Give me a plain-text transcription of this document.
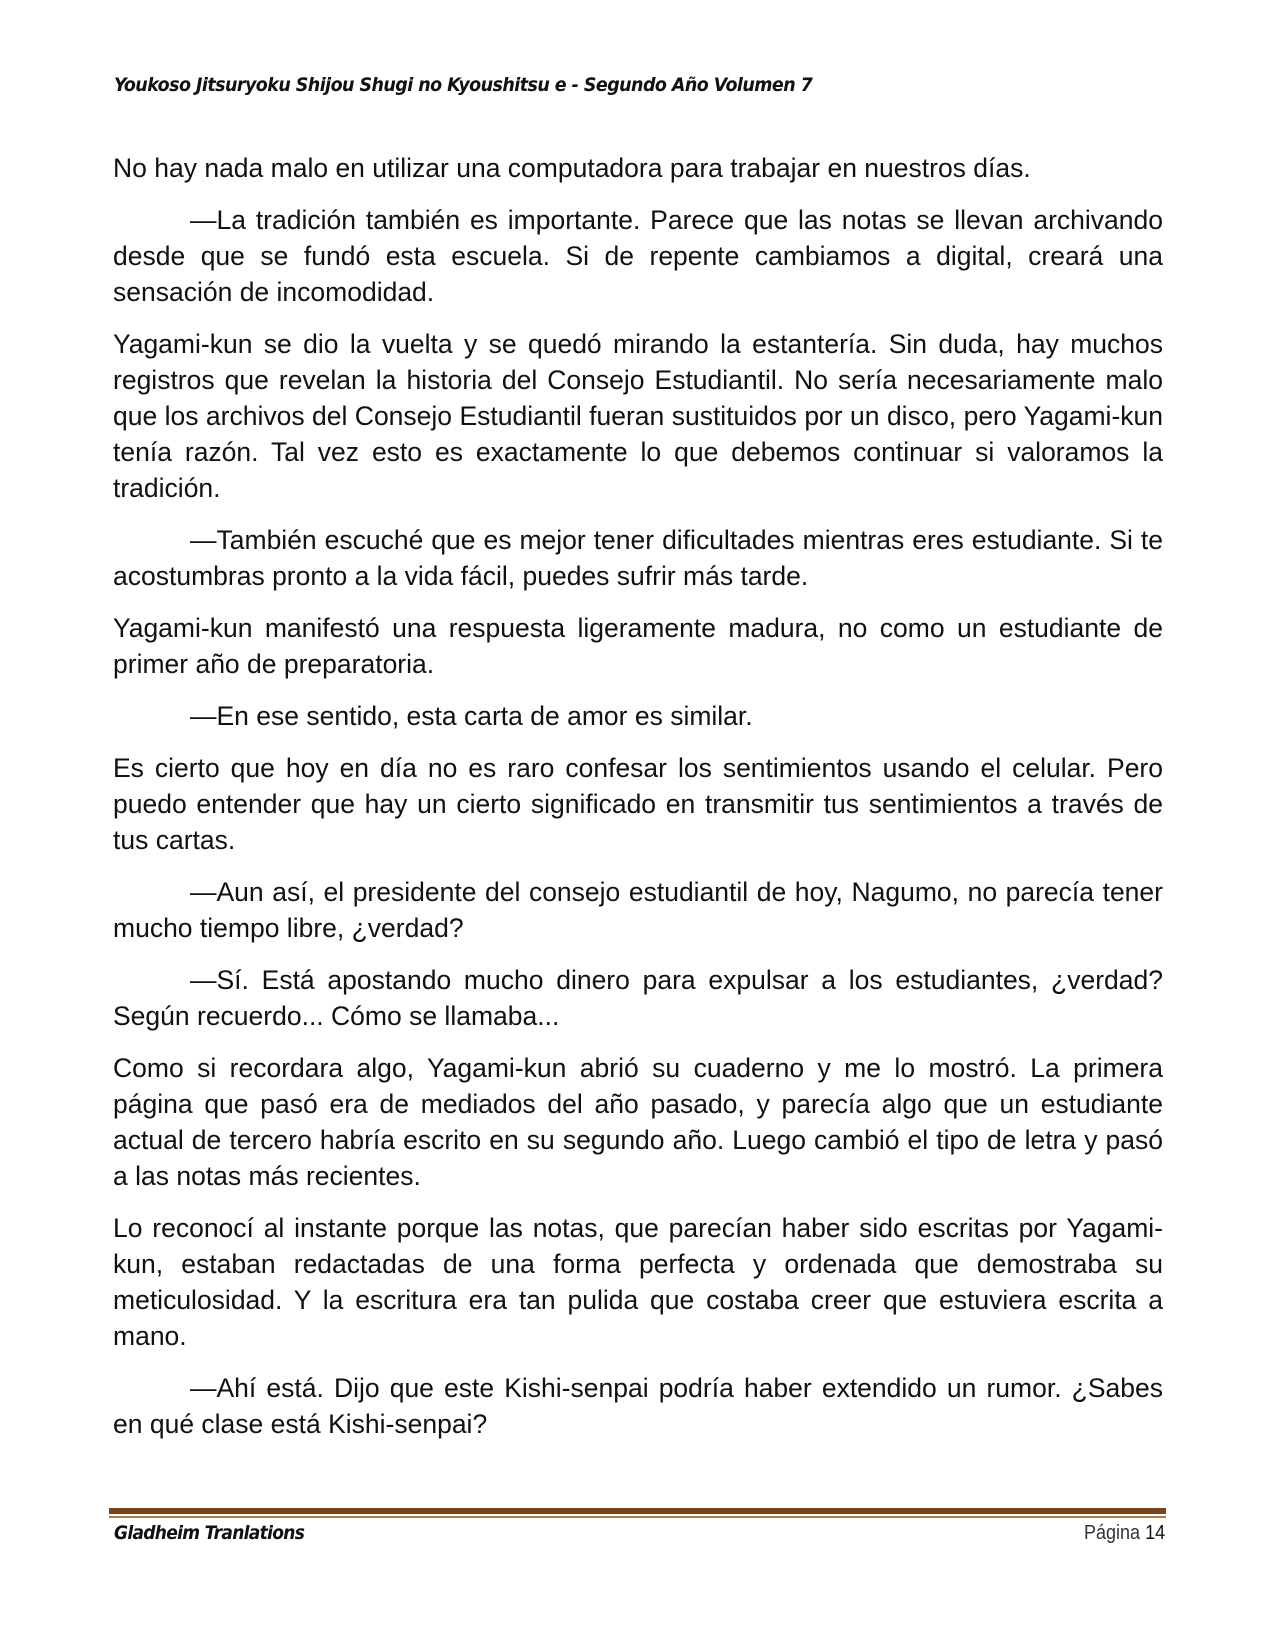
Youkoso Jitsuryoku Shijou Shugi no Kyoushitsu e - Segundo Año Volumen 7

No hay nada malo en utilizar una computadora para trabajar en nuestros días.

—La tradición también es importante. Parece que las notas se llevan archivando desde que se fundó esta escuela. Si de repente cambiamos a digital, creará una sensación de incomodidad.

Yagami-kun se dio la vuelta y se quedó mirando la estantería. Sin duda, hay muchos registros que revelan la historia del Consejo Estudiantil. No sería necesariamente malo que los archivos del Consejo Estudiantil fueran sustituidos por un disco, pero Yagami-kun tenía razón. Tal vez esto es exactamente lo que debemos continuar si valoramos la tradición.

—También escuché que es mejor tener dificultades mientras eres estudiante. Si te acostumbras pronto a la vida fácil, puedes sufrir más tarde.

Yagami-kun manifestó una respuesta ligeramente madura, no como un estudiante de primer año de preparatoria.

—En ese sentido, esta carta de amor es similar.

Es cierto que hoy en día no es raro confesar los sentimientos usando el celular. Pero puedo entender que hay un cierto significado en transmitir tus sentimientos a través de tus cartas.

—Aun así, el presidente del consejo estudiantil de hoy, Nagumo, no parecía tener mucho tiempo libre, ¿verdad?

—Sí. Está apostando mucho dinero para expulsar a los estudiantes, ¿verdad? Según recuerdo... Cómo se llamaba...

Como si recordara algo, Yagami-kun abrió su cuaderno y me lo mostró. La primera página que pasó era de mediados del año pasado, y parecía algo que un estudiante actual de tercero habría escrito en su segundo año. Luego cambió el tipo de letra y pasó a las notas más recientes.

Lo reconocí al instante porque las notas, que parecían haber sido escritas por Yagami-kun, estaban redactadas de una forma perfecta y ordenada que demostraba su meticulosidad. Y la escritura era tan pulida que costaba creer que estuviera escrita a mano.

—Ahí está. Dijo que este Kishi-senpai podría haber extendido un rumor. ¿Sabes en qué clase está Kishi-senpai?

Gladheim Tranlations	Página 14
